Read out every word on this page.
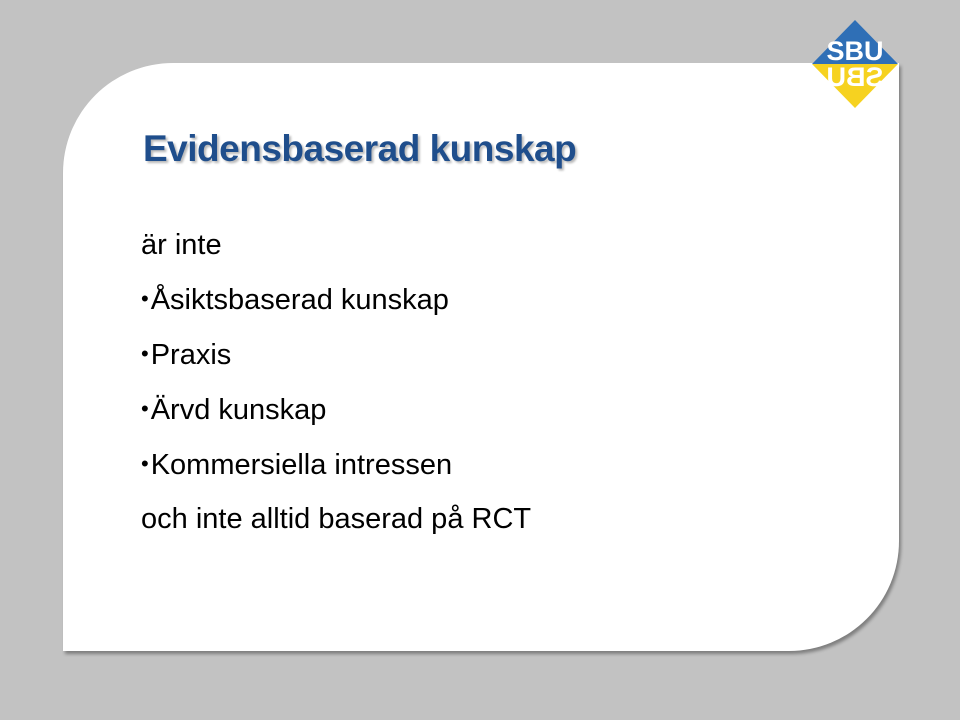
SBU
SBU
Evidensbaserad kunskap
är inte
•Åsiktsbaserad kunskap
•Praxis
•Ärvd kunskap
•Kommersiella intressen
och inte alltid baserad på RCT
